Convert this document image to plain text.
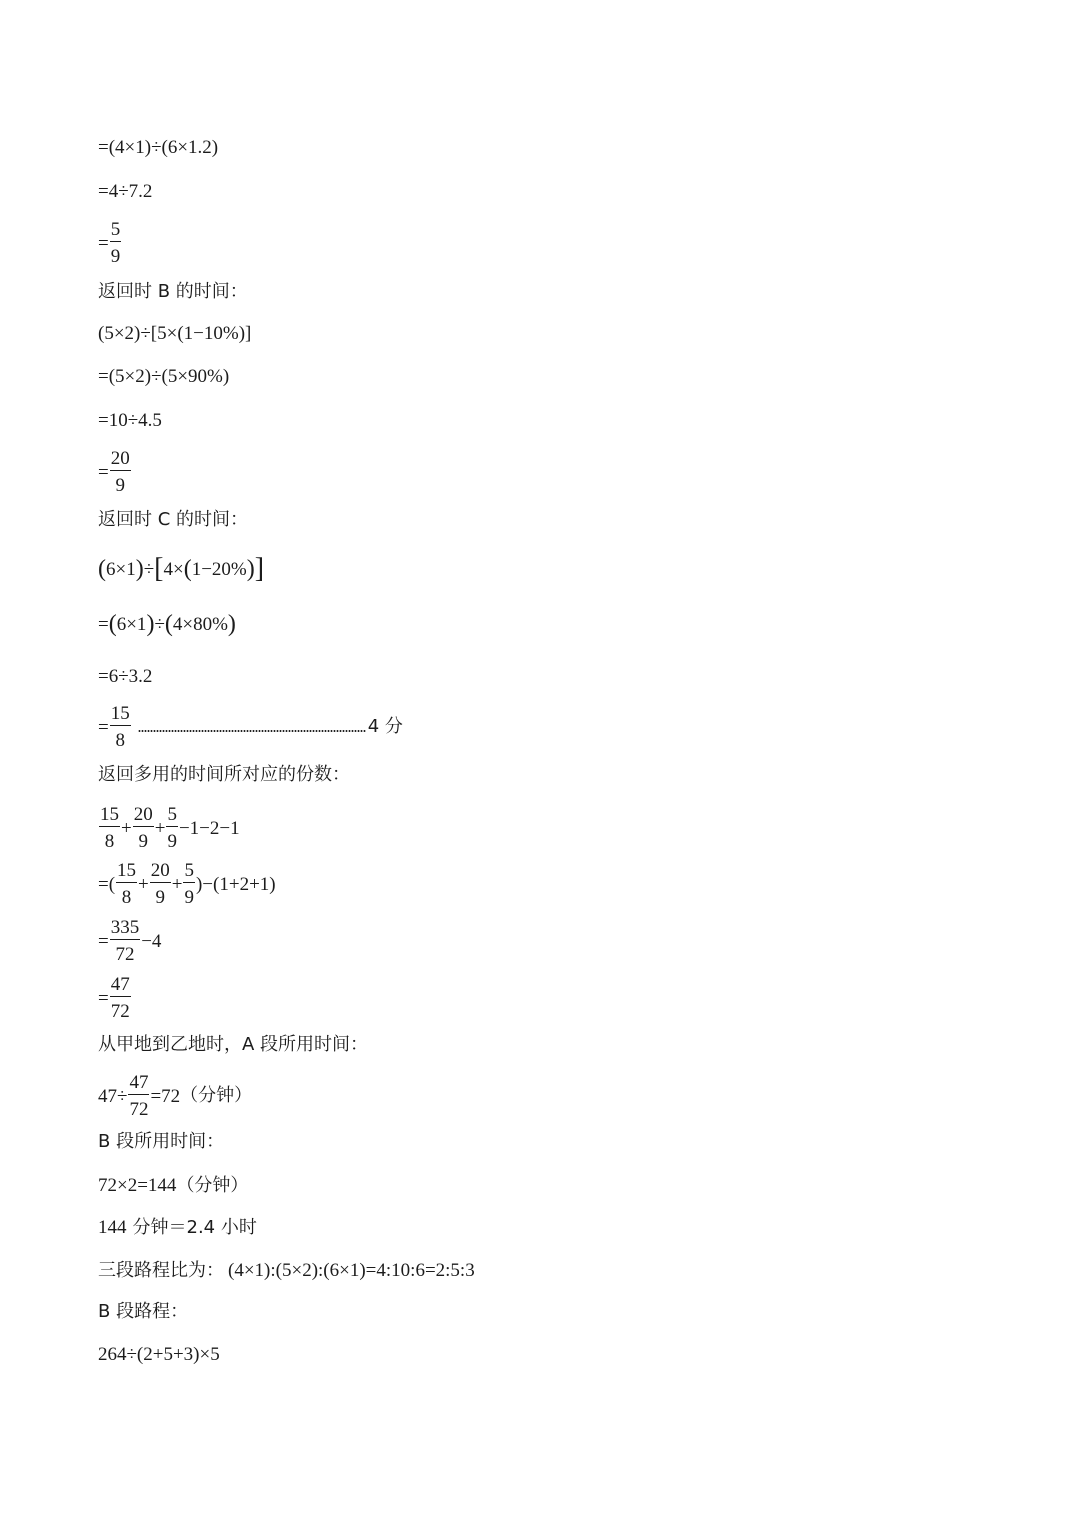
=(4×1)÷(6×1.2)
=4÷7.2
= $\frac{5}{9}$
返回时 B 的时间：
(5×2)÷[5×(1−10%)]
=(5×2)÷(5×90%)
=10÷4.5
= $\frac{20}{9}$
返回时 C 的时间：
( 6×1 ) ÷ [ 4× ( 1−20% ) ]
= ( 6×1 ) ÷ ( 4×80% )
=6÷3.2
= $\frac{15}{8}$	4 分
返回多用的时间所对应的份数：
$\frac{15}{8} + \frac{20}{9} + \frac{5}{9} -1-2-1$
=( $\frac{15}{8} + \frac{20}{9} + \frac{5}{9} )-(1+2+1)$
= $\frac{335}{72} -4$
= $\frac{47}{72}$
从甲地到乙地时，A 段所用时间：
$47\div \frac{47}{72} =72$ （分钟）
B 段所用时间：
72×2=144 （分钟）
144 分钟＝2.4 小时
三段路程比为： (4×1):(5×2):(6×1)=4:10:6=2:5:3
B 段路程：
264÷(2+5+3)×5
